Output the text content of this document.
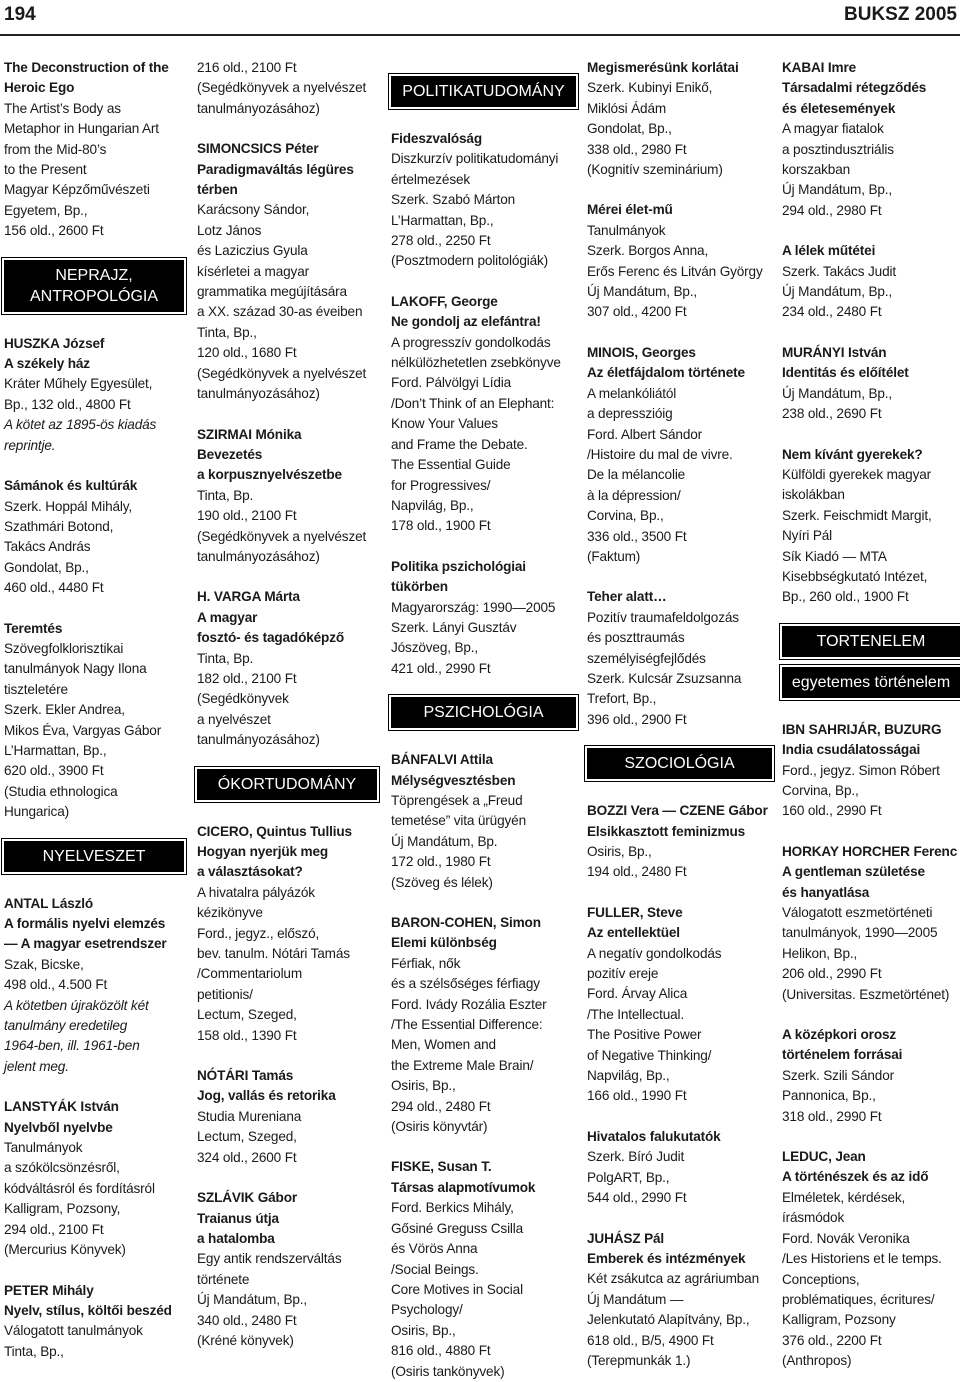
194	BUKSZ 2005
The Deconstruction of the
Heroic Ego
The Artist’s Body as
Metaphor in Hungarian Art
from the Mid-80’s
to the Present
Magyar Képzőművészeti
Egyetem, Bp.,
156 old., 2600 Ft
NEPRAJZ,
ANTROPOLÓGIA
HUSZKA József
A székely ház
Kráter Műhely Egyesület,
Bp., 132 old., 4800 Ft
A kötet az 1895-ös kiadás
reprintje.
Sámánok és kultúrák
Szerk. Hoppál Mihály,
Szathmári Botond,
Takács András
Gondolat, Bp.,
460 old., 4480 Ft
Teremtés
Szövegfolklorisztikai
tanulmányok Nagy Ilona
tiszteletére
Szerk. Ekler Andrea,
Mikos Éva, Vargyas Gábor
L’Harmattan, Bp.,
620 old., 3900 Ft
(Studia ethnologica
Hungarica)
NYELVESZET
ANTAL László
A formális nyelvi elemzés
— A magyar esetrendszer
Szak, Bicske,
498 old., 4.500 Ft
A kötetben újraközölt két
tanulmány eredetileg
1964-ben, ill. 1961-ben
jelent meg.
LANSTYÁK István
Nyelvből nyelvbe
Tanulmányok
a szókölcsönzésről,
kódváltásról és fordításról
Kalligram, Pozsony,
294 old., 2100 Ft
(Mercurius Könyvek)
PETER Mihály
Nyelv, stílus, költői beszéd
Válogatott tanulmányok
Tinta, Bp.,
216 old., 2100 Ft
(Segédkönyvek a nyelvészet
tanulmányozásához)
SIMONCSICS Péter
Paradigmaváltás légüres
térben
Karácsony Sándor,
Lotz János
és Laziczius Gyula
kísérletei a magyar
grammatika megújítására
a XX. század 30-as éveiben
Tinta, Bp.,
120 old., 1680 Ft
(Segédkönyvek a nyelvészet
tanulmányozásához)
SZIRMAI Mónika
Bevezetés
a korpusznyelvészetbe
Tinta, Bp.
190 old., 2100 Ft
(Segédkönyvek a nyelvészet
tanulmányozásához)
H. VARGA Márta
A magyar
fosztó- és tagadóképző
Tinta, Bp.
182 old., 2100 Ft
(Segédkönyvek
a nyelvészet
tanulmányozásához)
ÓKORTUDOMÁNY
CICERO, Quintus Tullius
Hogyan nyerjük meg
a választásokat?
A hivatalra pályázók
kézikönyve
Ford., jegyz., előszó,
bev. tanulm. Nótári Tamás
/Commentariolum
petitionis/
Lectum, Szeged,
158 old., 1390 Ft
NÓTÁRI Tamás
Jog, vallás és retorika
Studia Mureniana
Lectum, Szeged,
324 old., 2600 Ft
SZLÁVIK Gábor
Traianus útja
a hatalomba
Egy antik rendszerváltás
története
Új Mandátum, Bp.,
340 old., 2480 Ft
(Kréné könyvek)
POLITIKATUDOMÁNY
Fideszvalóság
Diszkurzív politikatudományi
értelmezések
Szerk. Szabó Márton
L’Harmattan, Bp.,
278 old., 2250 Ft
(Posztmodern politológiák)
LAKOFF, George
Ne gondolj az elefántra!
A progresszív gondolkodás
nélkülözhetetlen zsebkönyve
Ford. Pálvölgyi Lídia
/Don’t Think of an Elephant:
Know Your Values
and Frame the Debate.
The Essential Guide
for Progressives/
Napvilág, Bp.,
178 old., 1900 Ft
Politika pszichológiai
tükörben
Magyarország: 1990—2005
Szerk. Lányi Gusztáv
Jószöveg, Bp.,
421 old., 2990 Ft
PSZICHOLÓGIA
BÁNFALVI Attila
Mélységvesztésben
Töprengések a „Freud
temetése” vita ürügyén
Új Mandátum, Bp.
172 old., 1980 Ft
(Szöveg és lélek)
BARON-COHEN, Simon
Elemi különbség
Férfiak, nők
és a szélsőséges férfiagy
Ford. Ivády Rozália Eszter
/The Essential Difference:
Men, Women and
the Extreme Male Brain/
Osiris, Bp.,
294 old., 2480 Ft
(Osiris könyvtár)
FISKE, Susan T.
Társas alapmotívumok
Ford. Berkics Mihály,
Gősiné Greguss Csilla
és Vörös Anna
/Social Beings.
Core Motives in Social
Psychology/
Osiris, Bp.,
816 old., 4880 Ft
(Osiris tankönyvek)
Megismerésünk korlátai
Szerk. Kubinyi Enikő,
Miklósi Ádám
Gondolat, Bp.,
338 old., 2980 Ft
(Kognitív szeminárium)
Mérei élet-mű
Tanulmányok
Szerk. Borgos Anna,
Erős Ferenc és Litván György
Új Mandátum, Bp.,
307 old., 4200 Ft
MINOIS, Georges
Az életfájdalom története
A melankóliától
a depresszióig
Ford. Albert Sándor
/Histoire du mal de vivre.
De la mélancolie
à la dépression/
Corvina, Bp.,
336 old., 3500 Ft
(Faktum)
Teher alatt…
Pozitív traumafeldolgozás
és poszttraumás
személyiségfejlődés
Szerk. Kulcsár Zsuzsanna
Trefort, Bp.,
396 old., 2900 Ft
SZOCIOLÓGIA
BOZZI Vera — CZENE Gábor
Elsikkasztott feminizmus
Osiris, Bp.,
194 old., 2480 Ft
FULLER, Steve
Az entellektüel
A negatív gondolkodás
pozitív ereje
Ford. Árvay Alica
/The Intellectual.
The Positive Power
of Negative Thinking/
Napvilág, Bp.,
166 old., 1990 Ft
Hivatalos falukutatók
Szerk. Bíró Judit
PolgART, Bp.,
544 old., 2990 Ft
JUHÁSZ Pál
Emberek és intézmények
Két zsákutca az agráriumban
Új Mandátum —
Jelenkutató Alapítvány, Bp.,
618 old., B/5, 4900 Ft
(Terepmunkák 1.)
KABAI Imre
Társadalmi rétegződés
és életesemények
A magyar fiatalok
a posztindusztriális
korszakban
Új Mandátum, Bp.,
294 old., 2980 Ft
A lélek műtétei
Szerk. Takács Judit
Új Mandátum, Bp.,
234 old., 2480 Ft
MURÁNYI István
Identitás és előítélet
Új Mandátum, Bp.,
238 old., 2690 Ft
Nem kívánt gyerekek?
Külföldi gyerekek magyar
iskolákban
Szerk. Feischmidt Margit,
Nyíri Pál
Sík Kiadó — MTA
Kisebbségkutató Intézet,
Bp., 260 old., 1900 Ft
TORTENELEM
egyetemes történelem
IBN SAHRIJÁR, BUZURG
India csudálatosságai
Ford., jegyz. Simon Róbert
Corvina, Bp.,
160 old., 2990 Ft
HORKAY HORCHER Ferenc
A gentleman születése
és hanyatlása
Válogatott eszmetörténeti
tanulmányok, 1990—2005
Helikon, Bp.,
206 old., 2990 Ft
(Universitas. Eszmetörténet)
A középkori orosz
történelem forrásai
Szerk. Szili Sándor
Pannonica, Bp.,
318 old., 2990 Ft
LEDUC, Jean
A történészek és az idő
Elméletek, kérdések,
írásmódok
Ford. Novák Veronika
/Les Historiens et le temps.
Conceptions,
problématiques, écritures/
Kalligram, Pozsony
376 old., 2200 Ft
(Anthropos)
